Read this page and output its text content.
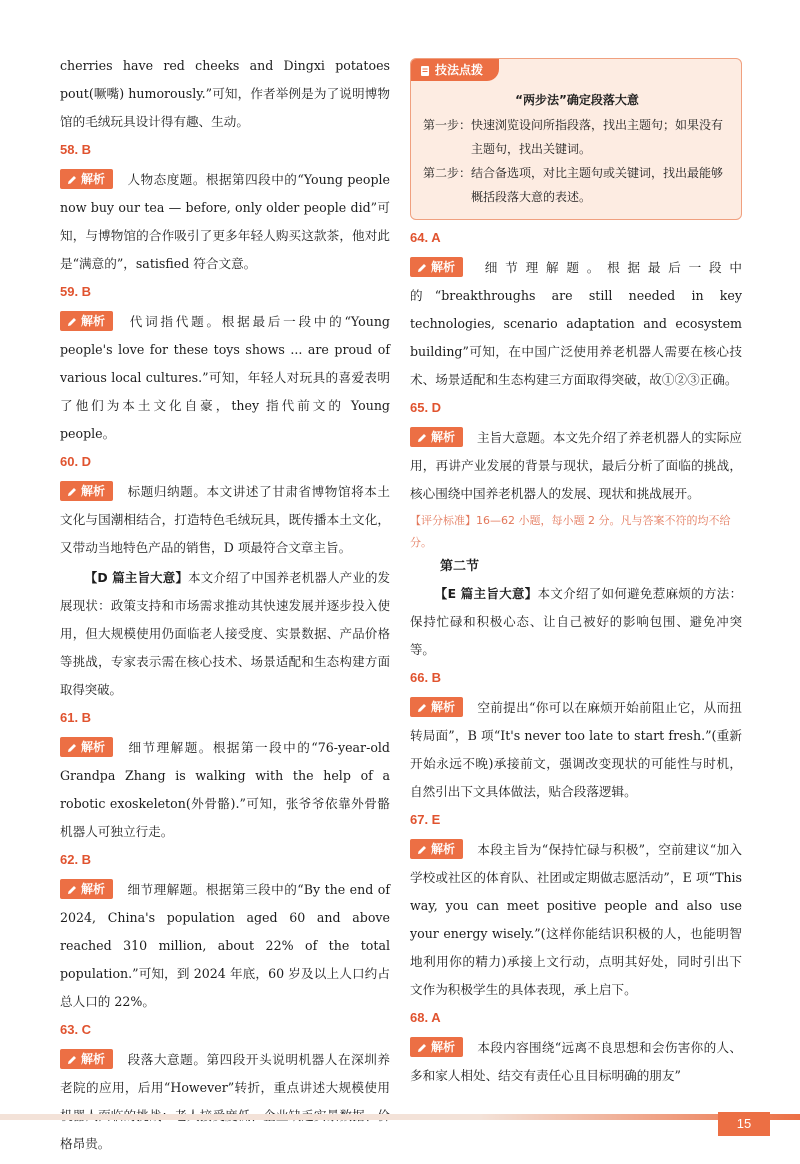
cherries have red cheeks and Dingxi potatoes pout(噘嘴) humorously.”可知，作者举例是为了说明博物馆的毛绒玩具设计得有趣、生动。

58. B

解析 人物态度题。根据第四段中的“Young people now buy our tea — before, only older people did”可知，与博物馆的合作吸引了更多年轻人购买这款茶，他对此是“满意的”，satisfied 符合文意。

59. B

解析 代词指代题。根据最后一段中的“Young people's love for these toys shows ... are proud of various local cultures.”可知，年轻人对玩具的喜爱表明了他们为本土文化自豪，they 指代前文的 Young people。

60. D

解析 标题归纳题。本文讲述了甘肃省博物馆将本土文化与国潮相结合，打造特色毛绒玩具，既传播本土文化，又带动当地特色产品的销售，D 项最符合文章主旨。

【D 篇主旨大意】本文介绍了中国养老机器人产业的发展现状：政策支持和市场需求推动其快速发展并逐步投入使用，但大规模使用仍面临老人接受度、实景数据、产品价格等挑战，专家表示需在核心技术、场景适配和生态构建方面取得突破。

61. B

解析 细节理解题。根据第一段中的“76-year-old Grandpa Zhang is walking with the help of a robotic exoskeleton(外骨骼).”可知，张爷爷依靠外骨骼机器人可独立行走。

62. B

解析 细节理解题。根据第三段中的“By the end of 2024, China's population aged 60 and above reached 310 million, about 22% of the total population.”可知，到 2024 年底，60 岁及以上人口约占总人口的 22%。

63. C

解析 段落大意题。第四段开头说明机器人在深圳养老院的应用，后用“However”转折，重点讲述大规模使用 格昂贵。

技法点拨
“两步法”确定段落大意
第一步：快速浏览设问所指段落，找出主题句；如果没有主题句，找出关键词。
第二步：结合备选项，对比主题句或关键词，找出最能够概括段落大意的表述。
64. A

解析 细节理解题。根据最后一段中的“breakthroughs are still needed in key technologies, scenario adaptation and ecosystem building”可知，在中国广泛使用养老机器人需要在核心技术、场景适配和生态构建三方面取得突破，故①②③正确。

65. D

解析 主旨大意题。本文先介绍了养老机器人的实际应用，再讲产业发展的背景与现状，最后分析了面临的挑战，核心围绕中国养老机器人的发展、现状和挑战展开。

【评分标准】16—62 小题，每小题 2 分。凡与答案不符的均不给分。
第二节

【E 篇主旨大意】本文介绍了如何避免惹麻烦的方法：保持忙碌和积极心态、让自己被好的影响包围、避免冲突等。

66. B

解析 空前提出“你可以在麻烦开始前阻止它，从而扭转局面”，B 项“It's never too late to start fresh.”(重新开始永远不晚)承接前文，强调改变现状的可能性与时机，自然引出下文具体做法，贴合段落逻辑。

67. E

解析 本段主旨为“保持忙碌与积极”，空前建议“加入学校或社区的体育队、社团或定期做志愿活动”，E 项“This way, you can meet positive people and also use your energy wisely.”(这样你能结识积极的人，也能明智地利用你的精力)承接上文行动，点明其好处，同时引出下文作为积极学生的具体表现，承上启下。

68. A

解析 本段内容围绕“远离不良思想和会伤害你的人、多和家人相处、结交有责任心且目标明确的朋友”

15
